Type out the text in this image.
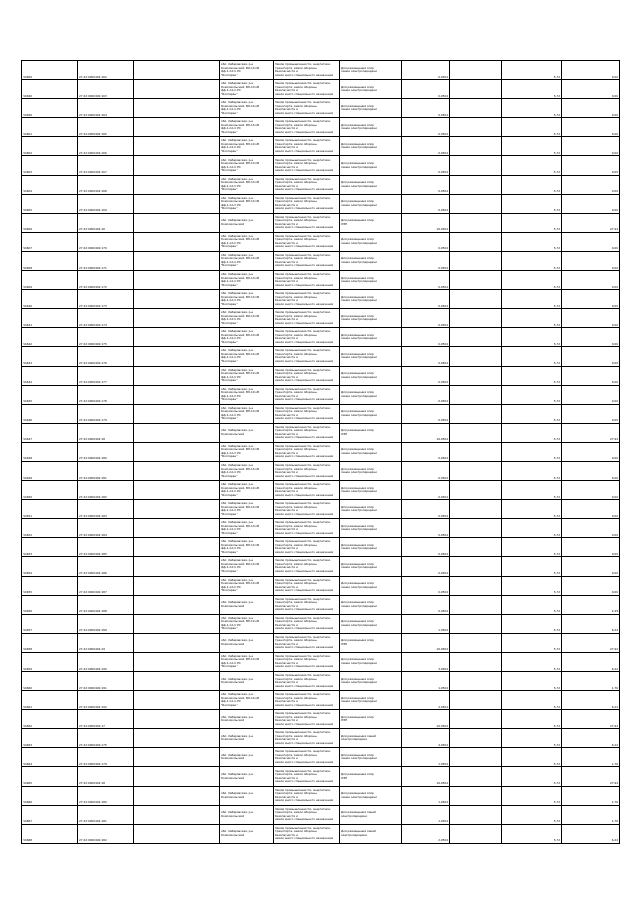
Ч4600	27:22:0000402:162		обл. Хабаровская, р-н
Комсомольский, ВЛ-10 кВ
фф-1-Сл-С РС
"Болгаран"	Земли промышленности, энергетики,
транспорта, земли обороны, безопасности и
земли иного специального назначения	Для размещения опор
линии электропередачи	0,0504		5,72	0,00
Ч4620	27:22:0000402:163		обл. Хабаровская, р-н
Комсомольский, ВЛ-10 кВ
фф-1-Сл-С РС
"Болгаран"	Земли промышленности, энергетики,
транспорта, земли обороны, безопасности и
земли иного специального назначения	Для размещения опор
линии электропередачи	0,0504		5,72	0,00
Ч4656	27:22:0000402:164		обл. Хабаровская, р-н
Комсомольский, ВЛ-10 кВ
фф-1-Сл-С РС
"Болгаран"	Земли промышленности, энергетики,
транспорта, земли обороны, безопасности и
земли иного специального назначения	Для размещения опор
линии электропередачи	0,0504		5,72	0,00
Ч4601	27:22:0000402:165		обл. Хабаровская, р-н
Комсомольский, ВЛ-10 кВ
фф-1-Сл-С РС
"Болгаран"	Земли промышленности, энергетики,
транспорта, земли обороны, безопасности и
земли иного специального назначения	Для размещения опор
линии электропередачи	0,0504		5,72	0,00
Ч4602	27:22:0000402:166		обл. Хабаровская, р-н
Комсомольский, ВЛ-10 кВ
фф-1-Сл-С РС
"Болгаран"	Земли промышленности, энергетики,
транспорта, земли обороны, безопасности и
земли иного специального назначения	Для размещения опор
линии электропередачи	0,0504		5,72	0,00
Ч4603	27:22:0000402:167		обл. Хабаровская, р-н
Комсомольский, ВЛ-10 кВ
фф-1-Сл-С РС
"Болгаран"	Земли промышленности, энергетики,
транспорта, земли обороны, безопасности и
земли иного специального назначения	Для размещения опор
линии электропередачи	0,0504		5,72	0,00
Ч4604	27:22:0000402:168		обл. Хабаровская, р-н
Комсомольский, ВЛ-10 кВ
фф-1-Сл-С РС
"Болгаран"	Земли промышленности, энергетики,
транспорта, земли обороны, безопасности и
земли иного специального назначения	Для размещения опор
линии электропередачи	0,0504		5,72	0,00
Ч4605	27:22:0000402:169		обл. Хабаровская, р-н
Комсомольский, ВЛ-10 кВ
фф-1-Сл-С РС
"Болгаран"	Земли промышленности, энергетики,
транспорта, земли обороны, безопасности и
земли иного специального назначения	Для размещения опор
линии электропередачи	0,0504		5,72	0,00
Ч4606	27:22:0000402:16		обл. Хабаровская, р-н
Комсомольский	Земли промышленности, энергетики,
транспорта, земли обороны, безопасности и
земли иного специального назначения	Для размещения опор
ЛЭП	16,0504		5,72	27,94
Ч4607	27:22:0000402:170		обл. Хабаровская, р-н
Комсомольский, ВЛ-10 кВ
фф-1-Сл-С РС
"Болгаран"	Земли промышленности, энергетики,
транспорта, земли обороны, безопасности и
земли иного специального назначения	Для размещения опор
линии электропередачи	0,0504		5,72	0,00
Ч4608	27:22:0000402:171		обл. Хабаровская, р-н
Комсомольский, ВЛ-10 кВ
фф-1-Сл-С РС
"Болгаран"	Земли промышленности, энергетики,
транспорта, земли обороны, безопасности и
земли иного специального назначения	Для размещения опор
линии электропередачи	0,0504		5,72	0,00
Ч4609	27:22:0000402:172		обл. Хабаровская, р-н
Комсомольский, ВЛ-10 кВ
фф-1-Сл-С РС
"Болгаран"	Земли промышленности, энергетики,
транспорта, земли обороны, безопасности и
земли иного специального назначения	Для размещения опор
линии электропередачи	0,0504		5,72	0,00
Ч4640	27:22:0000402:173		обл. Хабаровская, р-н
Комсомольский, ВЛ-10 кВ
фф-1-Сл-С РС
"Болгаран"	Земли промышленности, энергетики,
транспорта, земли обороны, безопасности и
земли иного специального назначения	Для размещения опор
линии электропередачи	0,0504		5,72	0,00
Ч4641	27:22:0000402:174		обл. Хабаровская, р-н
Комсомольский, ВЛ-10 кВ
фф-1-Сл-С РС
"Болгаран"	Земли промышленности, энергетики,
транспорта, земли обороны, безопасности и
земли иного специального назначения	Для размещения опор
линии электропередачи	0,0504		5,72	0,00
Ч4642	27:22:0000402:175		обл. Хабаровская, р-н
Комсомольский, ВЛ-10 кВ
фф-1-Сл-С РС
"Болгаран"	Земли промышленности, энергетики,
транспорта, земли обороны, безопасности и
земли иного специального назначения	Для размещения опор
линии электропередачи	0,0504		5,72	0,00
Ч4643	27:22:0000402:176		обл. Хабаровская, р-н
Комсомольский, ВЛ-10 кВ
фф-1-Сл-С РС
"Болгаран"	Земли промышленности, энергетики,
транспорта, земли обороны, безопасности и
земли иного специального назначения	Для размещения опор
линии электропередачи	0,0504		5,72	0,00
Ч4644	27:22:0000402:177		обл. Хабаровская, р-н
Комсомольский, ВЛ-10 кВ
фф-1-Сл-С РС
"Болгаран"	Земли промышленности, энергетики,
транспорта, земли обороны, безопасности и
земли иного специального назначения	Для размещения опор
линии электропередачи	0,0504		5,72	0,00
Ч4645	27:22:0000402:178		обл. Хабаровская, р-н
Комсомольский, ВЛ-10 кВ
фф-1-Сл-С РС
"Болгаран"	Земли промышленности, энергетики,
транспорта, земли обороны, безопасности и
земли иного специального назначения	Для размещения опор
линии электропередачи	0,0504		5,72	0,00
Ч4646	27:22:0000402:179		обл. Хабаровская, р-н
Комсомольский, ВЛ-10 кВ
фф-1-Сл-С РС
"Болгаран"	Земли промышленности, энергетики,
транспорта, земли обороны, безопасности и
земли иного специального назначения	Для размещения опор
линии электропередачи	0,0504		5,72	0,00
Ч4647	27:22:0000402:18		обл. Хабаровская, р-н
Комсомольский	Земли промышленности, энергетики,
транспорта, земли обороны, безопасности и
земли иного специального назначения	Для размещения опор
ЛЭП	16,0504		5,72	27,94
Ч4648	27:22:0000402:180		обл. Хабаровская, р-н
Комсомольский, ВЛ-10 кВ
фф-1-Сл-С РС
"Болгаран"	Земли промышленности, энергетики,
транспорта, земли обороны, безопасности и
земли иного специального назначения	Для размещения опор
линии электропередачи	0,0504		5,72	0,00
Ч4649	27:22:0000402:181		обл. Хабаровская, р-н
Комсомольский, ВЛ-10 кВ
фф-1-Сл-С РС
"Болгаран"	Земли промышленности, энергетики,
транспорта, земли обороны, безопасности и
земли иного специального назначения	Для размещения опор
линии электропередачи	0,0504		5,72	0,00
Ч4650	27:22:0000402:182		обл. Хабаровская, р-н
Комсомольский, ВЛ-10 кВ
фф-1-Сл-С РС
"Болгаран"	Земли промышленности, энергетики,
транспорта, земли обороны, безопасности и
земли иного специального назначения	Для размещения опор
линии электропередачи	0,0504		5,72	0,00
Ч4651	27:22:0000402:183		обл. Хабаровская, р-н
Комсомольский, ВЛ-10 кВ
фф-1-Сл-С РС
"Болгаран"	Земли промышленности, энергетики,
транспорта, земли обороны, безопасности и
земли иного специального назначения	Для размещения опор
линии электропередачи	0,0504		5,72	0,00
Ч4652	27:22:0000402:184		обл. Хабаровская, р-н
Комсомольский, ВЛ-10 кВ
фф-1-Сл-С РС
"Болгаран"	Земли промышленности, энергетики,
транспорта, земли обороны, безопасности и
земли иного специального назначения	Для размещения опор
линии электропередачи	0,0504		5,72	0,00
Ч4653	27:22:0000402:185		обл. Хабаровская, р-н
Комсомольский, ВЛ-10 кВ
фф-1-Сл-С РС
"Болгаран"	Земли промышленности, энергетики,
транспорта, земли обороны, безопасности и
земли иного специального назначения	Для размещения опор
линии электропередачи	0,0504		5,72	0,00
Ч4654	27:22:0000402:186		обл. Хабаровская, р-н
Комсомольский, ВЛ-10 кВ
фф-1-Сл-С РС
"Болгаран"	Земли промышленности, энергетики,
транспорта, земли обороны, безопасности и
земли иного специального назначения	Для размещения опор
линии электропередачи	0,0504		5,72	0,00
Ч4655	27:22:0000402:187		обл. Хабаровская, р-н
Комсомольский, ВЛ-10 кВ
фф-1-Сл-С РС
"Болгаран"	Земли промышленности, энергетики,
транспорта, земли обороны, безопасности и
земли иного специального назначения	Для размещения опор
линии электропередачи	0,0504		5,72	0,00
Ч4656	27:22:0000402:188		обл. Хабаровская, р-н
Комсомольский	Земли промышленности, энергетики,
транспорта, земли обороны, безопасности и
земли иного специального назначения	Для размещения опор
линии электропередачи	0,4504		5,72	2,49
Ч4657	27:22:0000402:189		обл. Хабаровская, р-н
Комсомольский, ВЛ-10 кВ
фф-1-Сл-С РС
"Болгаран"	Земли промышленности, энергетики,
транспорта, земли обороны, безопасности и
земли иного специального назначения	Для размещения опор
линии электропередачи	1,0504		5,72	6,24
Ч4658	27:22:0000402:19		обл. Хабаровская, р-н
Комсомольский	Земли промышленности, энергетики,
транспорта, земли обороны, безопасности и
земли иного специального назначения	Для размещения опор
ЛЭП	16,0504		5,72	27,94
Ч4659	27:22:0000402:190		обл. Хабаровская, р-н
Комсомольский, ВЛ-10 кВ
фф-1-Сл-С РС
"Болгаран"	Земли промышленности, энергетики,
транспорта, земли обороны, безопасности и
земли иного специального назначения	Для размещения опор
линии электропередачи	3,0504		5,72	6,24
Ч4660	27:22:0000402:191		обл. Хабаровская, р-н
Комсомольский	Земли промышленности, энергетики,
транспорта, земли обороны, безопасности и
земли иного специального назначения	Для размещения опор
линии электропередачи	1,0504		5,72	1,76
Ч4661	27:22:0000402:192		обл. Хабаровская, р-н
Комсомольский, ВЛ-10 кВ
фф-1-Сл-С РС
"Болгаран"	Земли промышленности, энергетики,
транспорта, земли обороны, безопасности и
земли иного специального назначения	Для размещения опор
линии электропередачи	2,0504		5,72	6,24
Ч4662	27:22:0000402:17		обл. Хабаровская, р-н
Комсомольский	Земли промышленности, энергетики,
транспорта, земли обороны, безопасности и
земли иного специального назначения	Для размещения опор
ЛЭП	16,0504		5,72	27,94
Ч4663	27:22:0000402:175		обл. Хабаровская, р-н
Комсомольский	Земли промышленности, энергетики,
транспорта, земли обороны, безопасности и
земли иного специального назначения	Для размещения линий
электропередачи	4,0504		5,72	6,24
Ч4664	27:22:0000402:179		обл. Хабаровская, р-н
Комсомольский	Земли промышленности, энергетики,
транспорта, земли обороны, безопасности и
земли иного специального назначения	Для размещения опор
линии электропередачи	1,0504		5,72	1,76
Ч4665	27:22:0000402:18		обл. Хабаровская, р-н
Комсомольский	Земли промышленности, энергетики,
транспорта, земли обороны, безопасности и
земли иного специального назначения	Для размещения опор
ЛЭП	16,0504		5,72	27,94
Ч4666	27:22:0000402:180		обл. Хабаровская, р-н
Комсомольский	Земли промышленности, энергетики,
транспорта, земли обороны, безопасности и
земли иного специального назначения	Для размещения опор
линии электропередачи	1,0504		5,72	1,76
Ч4667	27:22:0000402:181		обл. Хабаровская, р-н
Комсомольский	Земли промышленности, энергетики,
транспорта, земли обороны, безопасности и
земли иного специального назначения	Для размещения линий
электропередачи	1,0504		5,72	1,76
Ч4668	27:22:0000402:182		обл. Хабаровская, р-н
Комсомольский	Земли промышленности, энергетики,
транспорта, земли обороны, безопасности и
земли иного специального назначения	Для размещения линий
электропередачи	2,0504		5,72	6,24
